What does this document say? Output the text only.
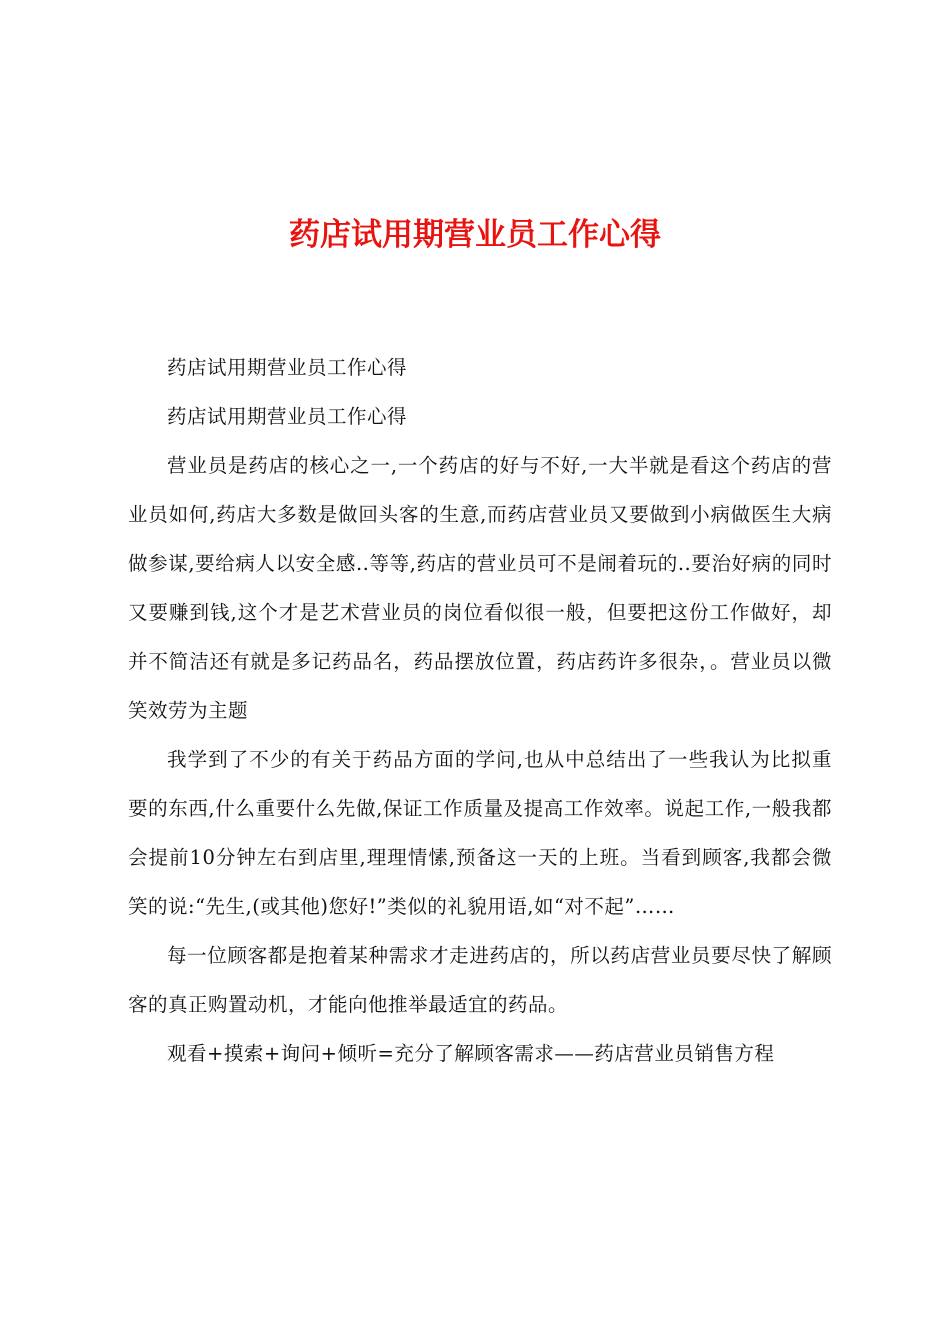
药店试用期营业员工作心得

药店试用期营业员工作心得

药店试用期营业员工作心得

营业员是药店的核心之一,一个药店的好与不好,一大半就是看这个药店的营业员如何,药店大多数是做回头客的生意,而药店营业员又要做到小病做医生大病做参谋,要给病人以安全感..等等,药店的营业员可不是闹着玩的..要治好病的同时又要赚到钱,这个才是艺术营业员的岗位看似很一般，但要把这份工作做好，却并不简洁还有就是多记药品名，药品摆放位置，药店药许多很杂，。营业员以微笑效劳为主题

我学到了不少的有关于药品方面的学问,也从中总结出了一些我认为比拟重要的东西,什么重要什么先做,保证工作质量及提高工作效率。说起工作,一般我都会提前10分钟左右到店里,理理情愫,预备这一天的上班。当看到顾客,我都会微笑的说:“先生,(或其他)您好!”类似的礼貌用语,如“对不起”……

每一位顾客都是抱着某种需求才走进药店的，所以药店营业员要尽快了解顾客的真正购置动机，才能向他推举最适宜的药品。

观看+摸索+询问+倾听=充分了解顾客需求——药店营业员销售方程
